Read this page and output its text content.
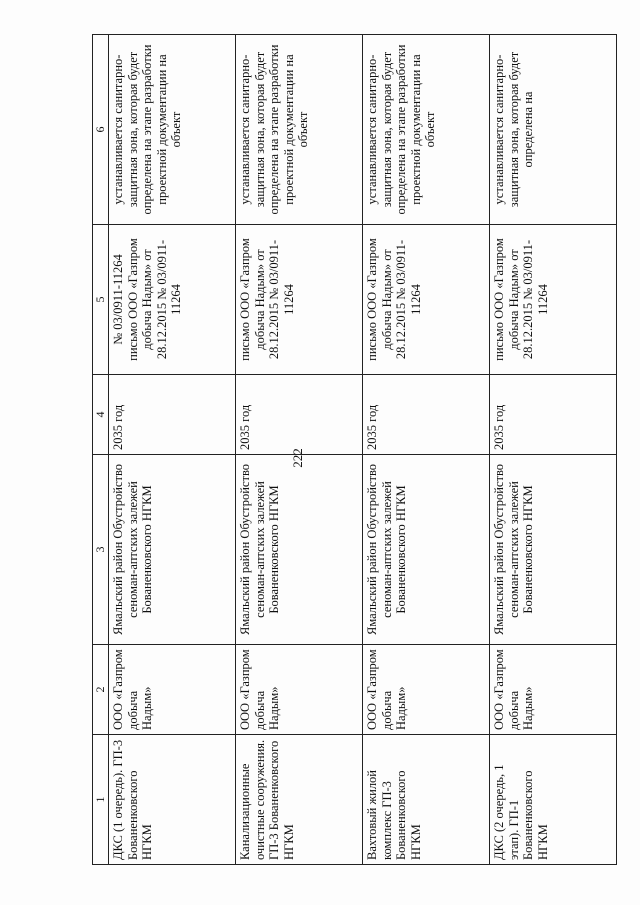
222
1	2	3	4	5	6
ДКС (1 очередь). ГП-3 Бованенковского НГКМ	ООО «Газпром добыча Надым»	Ямальский район Обустройство сеноман-аптских залежей Бованенковского НГКМ	2035 год	№ 03/0911-11264 письмо ООО «Газпром добыча Надым» от 28.12.2015 № 03/0911-11264	устанавливается санитарно-защитная зона, которая будет определена на этапе разработки проектной документации на объект
Канализационные очистные сооружения. ГП-3 Бованенковского НГКМ	ООО «Газпром добыча Надым»	Ямальский район Обустройство сеноман-аптских залежей Бованенковского НГКМ	2035 год	письмо ООО «Газпром добыча Надым» от 28.12.2015 № 03/0911-11264	устанавливается санитарно-защитная зона, которая будет определена на этапе разработки проектной документации на объект
Вахтовый жилой комплекс ГП-3 Бованенковского НГКМ	ООО «Газпром добыча Надым»	Ямальский район Обустройство сеноман-аптских залежей Бованенковского НГКМ	2035 год	письмо ООО «Газпром добыча Надым» от 28.12.2015 № 03/0911-11264	устанавливается санитарно-защитная зона, которая будет определена на этапе разработки проектной документации на объект
ДКС (2 очередь, 1 этап). ГП-1 Бованенковского НГКМ	ООО «Газпром добыча Надым»	Ямальский район Обустройство сеноман-аптских залежей Бованенковского НГКМ	2035 год	письмо ООО «Газпром добыча Надым» от 28.12.2015 № 03/0911-11264	устанавливается санитарно-защитная зона, которая будет определена на
